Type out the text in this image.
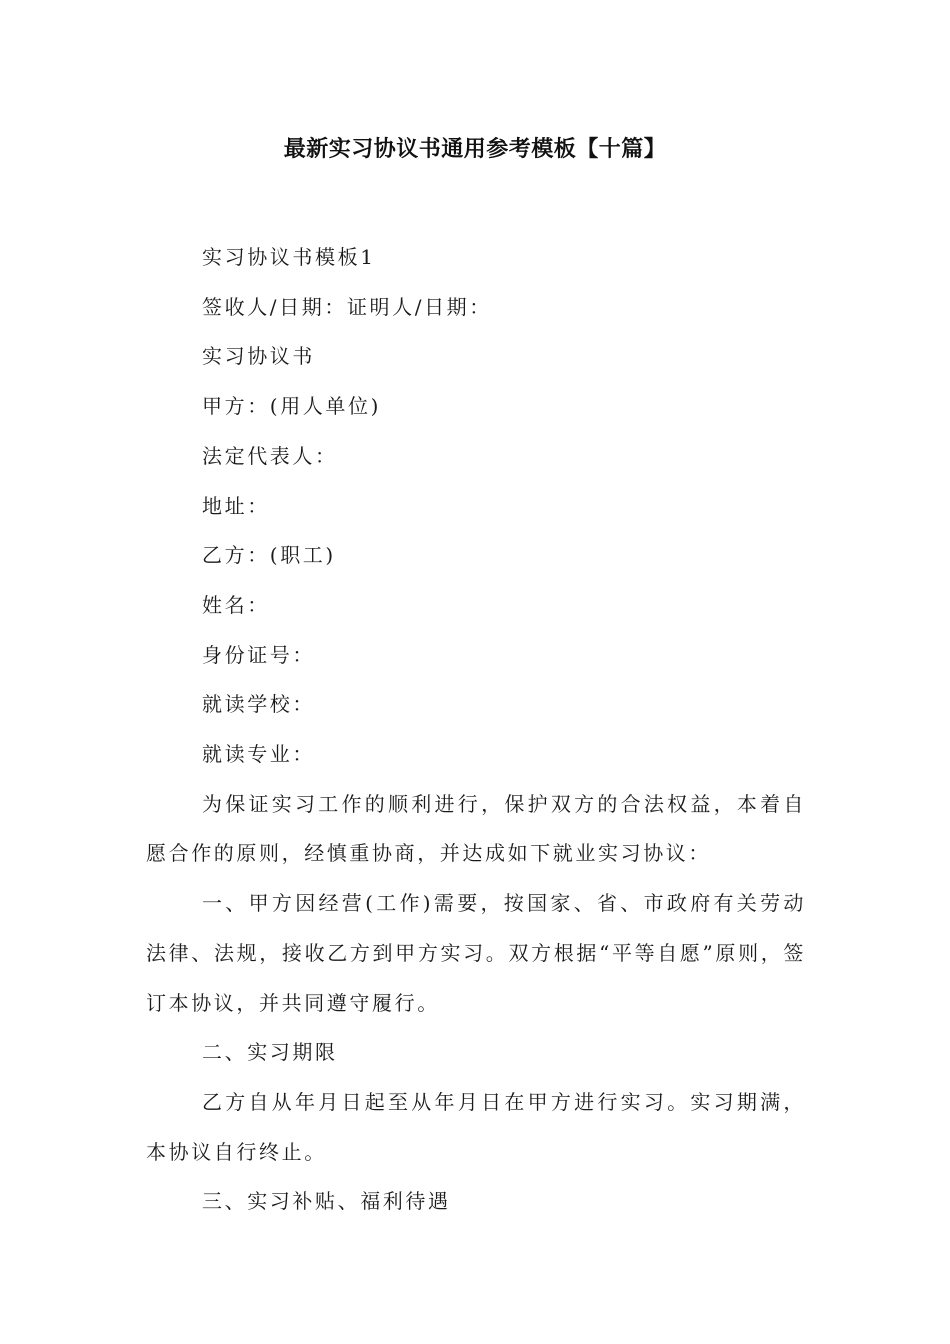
最新实习协议书通用参考模板【十篇】

实习协议书模板1

签收人/日期：证明人/日期：

实习协议书

甲方：(用人单位)

法定代表人：

地址：

乙方：(职工)

姓名：

身份证号：

就读学校：

就读专业：

为保证实习工作的顺利进行，保护双方的合法权益，本着自愿合作的原则，经慎重协商，并达成如下就业实习协议：

一、甲方因经营(工作)需要，按国家、省、市政府有关劳动法律、法规，接收乙方到甲方实习。双方根据“平等自愿”原则，签订本协议，并共同遵守履行。

二、实习期限

乙方自从年月日起至从年月日在甲方进行实习。实习期满，本协议自行终止。

三、实习补贴、福利待遇
